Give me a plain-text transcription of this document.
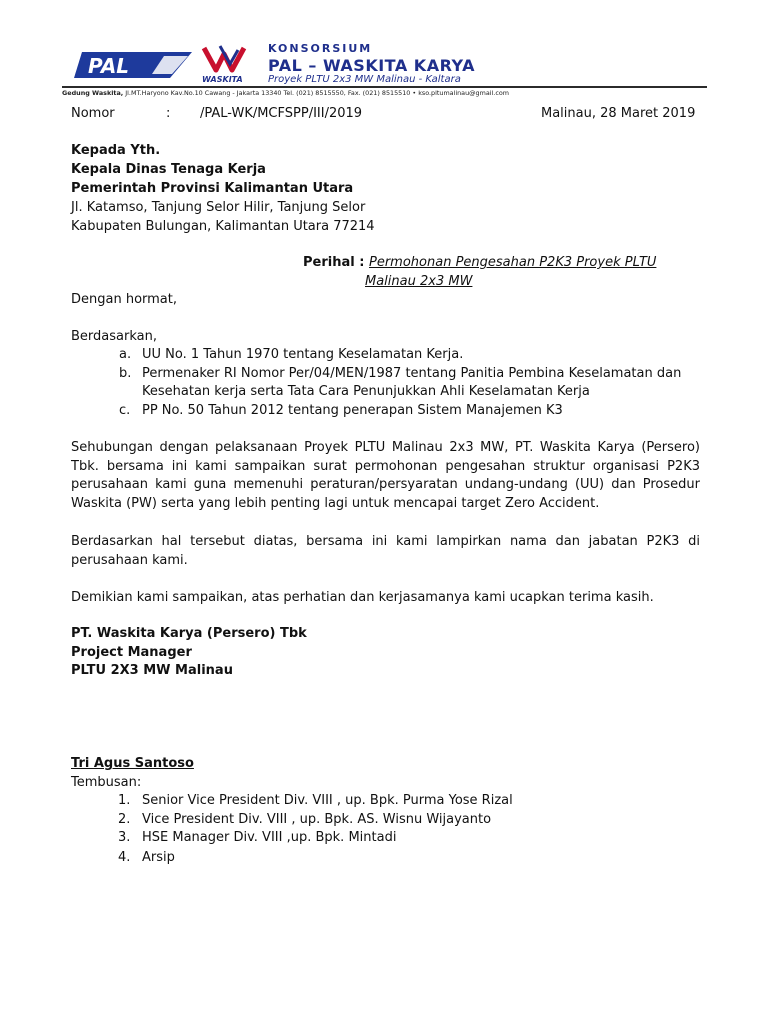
PAL
WASKITA
KONSORSIUM
PAL – WASKITA KARYA
Proyek PLTU 2x3 MW Malinau - Kaltara
Gedung Waskita, Jl.MT.Haryono Kav.No.10 Cawang - Jakarta 13340 Tel. (021) 8515550, Fax. (021) 8515510 • kso.pltumalinau@gmail.com
Nomor	: /PAL-WK/MCFSPP/III/2019	Malinau, 28 Maret 2019
Kepada Yth.
Kepala Dinas Tenaga Kerja
Pemerintah Provinsi Kalimantan Utara
Jl. Katamso, Tanjung Selor Hilir, Tanjung Selor
Kabupaten Bulungan, Kalimantan Utara 77214
Perihal : Permohonan Pengesahan P2K3 Proyek PLTU
Malinau 2x3 MW
Dengan hormat,
Berdasarkan,
a. UU No. 1 Tahun 1970 tentang Keselamatan Kerja.
b. Permenaker RI Nomor Per/04/MEN/1987 tentang Panitia Pembina Keselamatan dan
Kesehatan kerja serta Tata Cara Penunjukkan Ahli Keselamatan Kerja
c. PP No. 50 Tahun 2012 tentang penerapan Sistem Manajemen K3
Sehubungan dengan pelaksanaan Proyek PLTU Malinau 2x3 MW, PT. Waskita Karya (Persero) Tbk. bersama ini kami sampaikan surat permohonan pengesahan struktur organisasi P2K3 perusahaan kami guna memenuhi peraturan/persyaratan undang-undang (UU) dan Prosedur Waskita (PW) serta yang lebih penting lagi untuk mencapai target Zero Accident.
Berdasarkan hal tersebut diatas, bersama ini kami lampirkan nama dan jabatan P2K3 di perusahaan kami.
Demikian kami sampaikan, atas perhatian dan kerjasamanya kami ucapkan terima kasih.
PT. Waskita Karya (Persero) Tbk
Project Manager
PLTU 2X3 MW Malinau
Tri Agus Santoso
Tembusan:
1. Senior Vice President Div. VIII , up. Bpk. Purma Yose Rizal
2. Vice President Div. VIII , up. Bpk. AS. Wisnu Wijayanto
3. HSE Manager Div. VIII ,up. Bpk. Mintadi
4. Arsip
